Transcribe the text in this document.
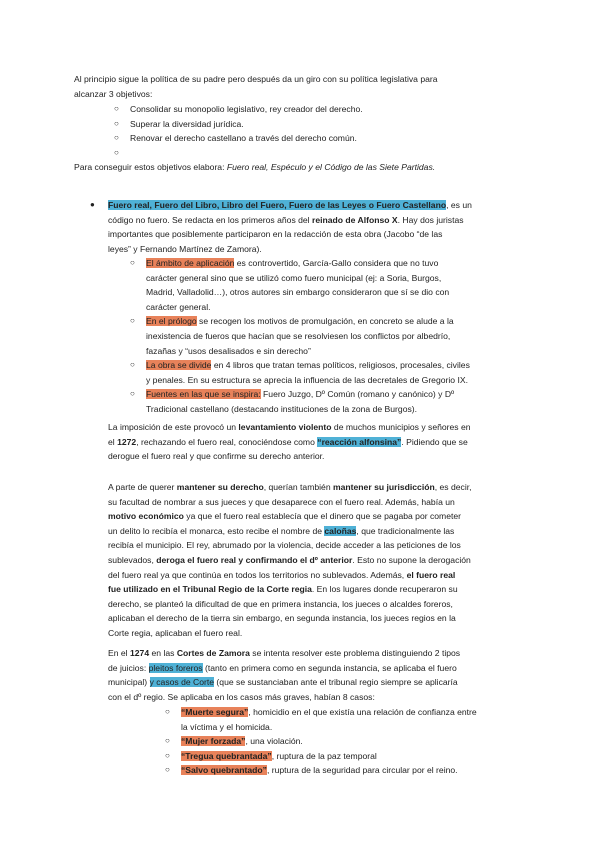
Al principio sigue la política de su padre pero después da un giro con su política legislativa para
alcanzar 3 objetivos:
○ Consolidar su monopolio legislativo, rey creador del derecho.
○ Superar la diversidad jurídica.
○ Renovar el derecho castellano a través del derecho común.
○

Para conseguir estos objetivos elabora: Fuero real, Espéculo y el Código de las Siete Partidas.
● Fuero real, Fuero del Libro, Libro del Fuero, Fuero de las Leyes o Fuero Castellano, es un
código no fuero. Se redacta en los primeros años del reinado de Alfonso X. Hay dos juristas
importantes que posiblemente participaron en la redacción de esta obra (Jacobo “de las
leyes” y Fernando Martínez de Zamora).
○ El ámbito de aplicación es controvertido, García-Gallo considera que no tuvo
carácter general sino que se utilizó como fuero municipal (ej: a Soria, Burgos,
Madrid, Valladolid…), otros autores sin embargo consideraron que sí se dio con
carácter general.
○ En el prólogo se recogen los motivos de promulgación, en concreto se alude a la
inexistencia de fueros que hacían que se resolviesen los conflictos por albedrío,
fazañas y “usos desalisados e sin derecho”
○ La obra se divide en 4 libros que tratan temas políticos, religiosos, procesales, civiles
y penales. En su estructura se aprecia la influencia de las decretales de Gregorio IX.
○ Fuentes en las que se inspira: Fuero Juzgo, Dº Común (romano y canónico) y Dº
Tradicional castellano (destacando instituciones de la zona de Burgos).
La imposición de este provocó un levantamiento violento de muchos municipios y señores en
el 1272, rechazando el fuero real, conociéndose como “reacción alfonsina”. Pidiendo que se
derogue el fuero real y que confirme su derecho anterior.
A parte de querer mantener su derecho, querían también mantener su jurisdicción, es decir,
su facultad de nombrar a sus jueces y que desaparece con el fuero real. Además, había un
motivo económico ya que el fuero real establecía que el dinero que se pagaba por cometer
un delito lo recibía el monarca, esto recibe el nombre de caloñas, que tradicionalmente las
recibía el municipio. El rey, abrumado por la violencia, decide acceder a las peticiones de los
sublevados, deroga el fuero real y confirmando el dº anterior. Esto no supone la derogación
del fuero real ya que continúa en todos los territorios no sublevados. Además, el fuero real
fue utilizado en el Tribunal Regio de la Corte regia. En los lugares donde recuperaron su
derecho, se planteó la dificultad de que en primera instancia, los jueces o alcaldes foreros,
aplicaban el derecho de la tierra sin embargo, en segunda instancia, los jueces regios en la
Corte regia, aplicaban el fuero real.
En el 1274 en las Cortes de Zamora se intenta resolver este problema distinguiendo 2 tipos
de juicios: pleitos foreros (tanto en primera como en segunda instancia, se aplicaba el fuero
municipal) y casos de Corte (que se sustanciaban ante el tribunal regio siempre se aplicaría
con el dº regio. Se aplicaba en los casos más graves, habían 8 casos:
○ “Muerte segura”, homicidio en el que existía una relación de confianza entre
la víctima y el homicida.
○ “Mujer forzada”, una violación.
○ “Tregua quebrantada”, ruptura de la paz temporal
○ “Salvo quebrantado”, ruptura de la seguridad para circular por el reino.
